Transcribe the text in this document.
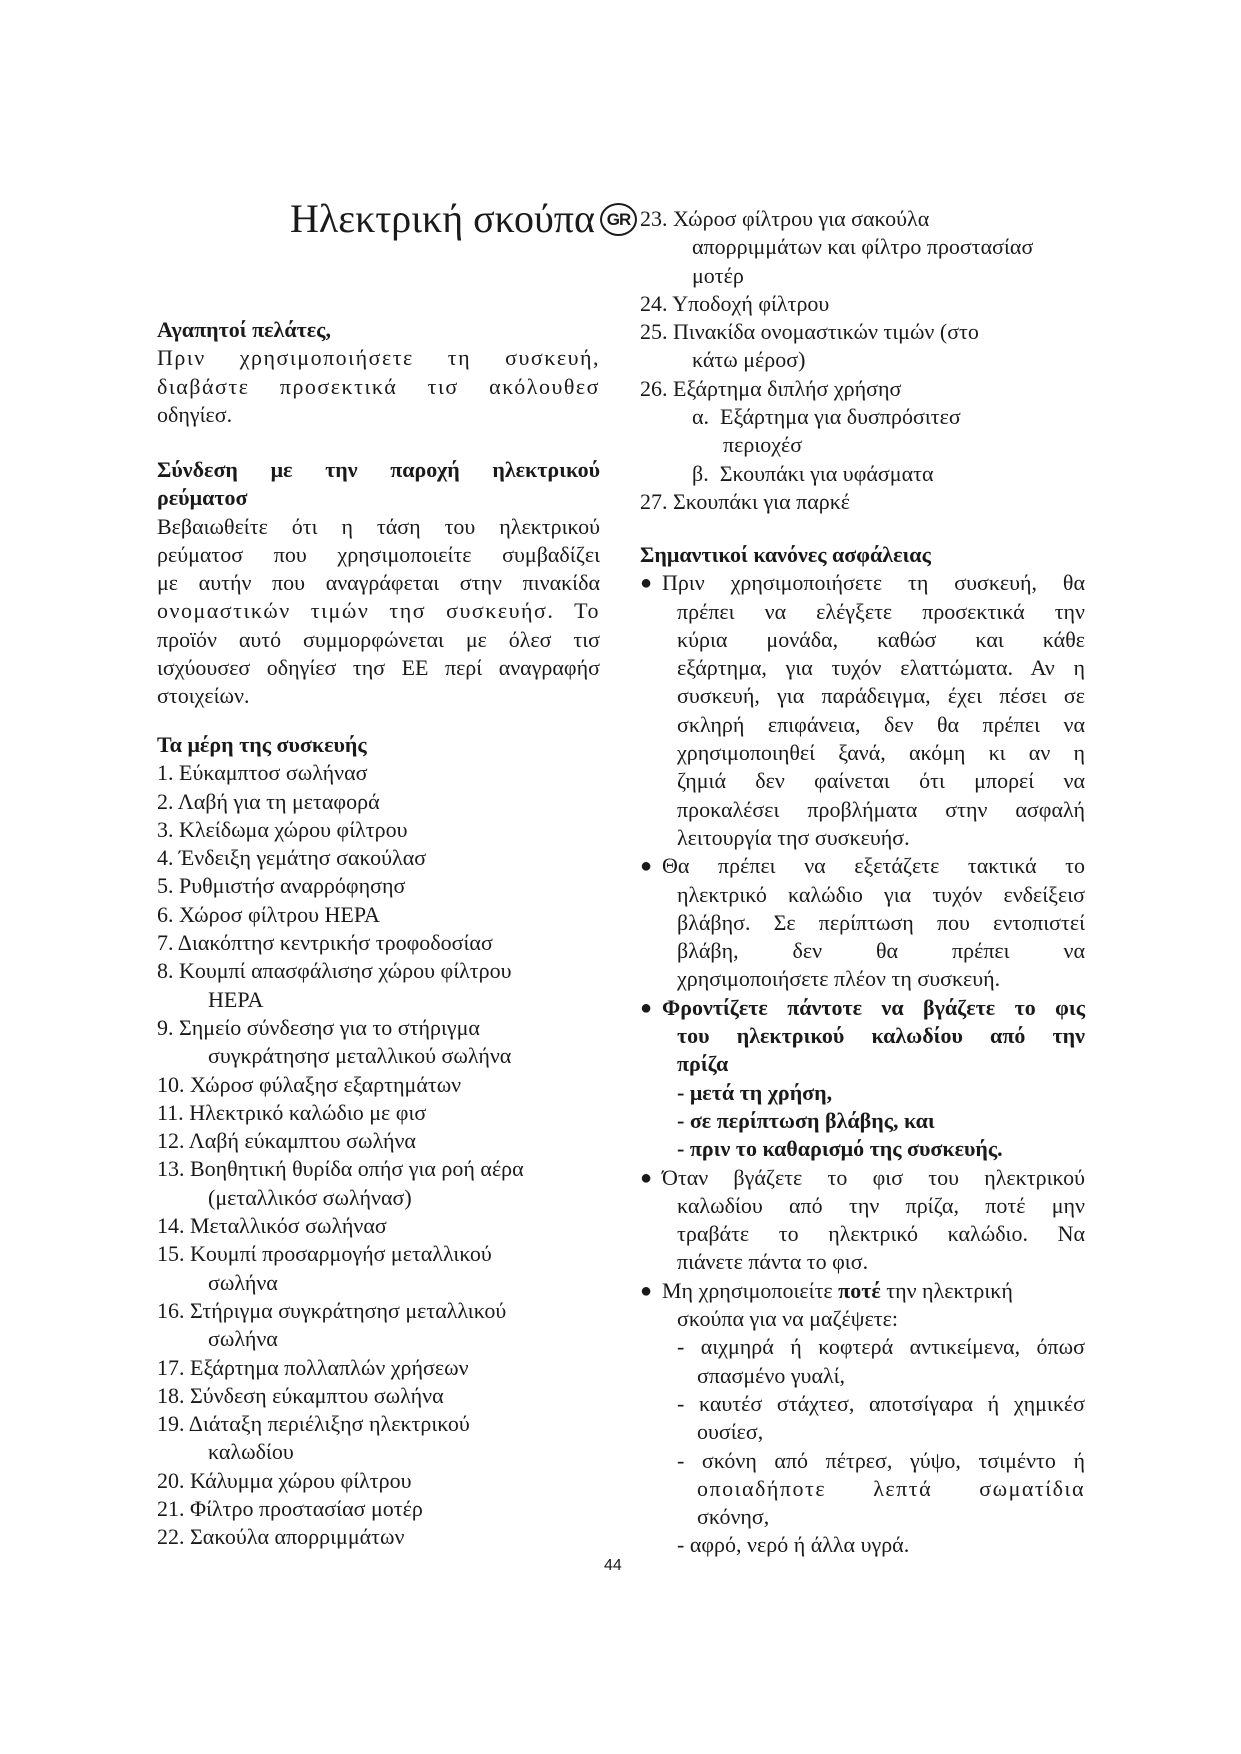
Ηλεκτρική σκούπα GR
Αγαπητοί πελάτες,
Πριν χρησιμοποιήσετε τη συσκευή,
διαβάστε προσεκτικά τισ ακόλουθεσ
οδηγίεσ.
Σύνδεση με την παροχή ηλεκτρικού
ρεύματοσ
Βεβαιωθείτε ότι η τάση του ηλεκτρικού
ρεύματοσ που χρησιμοποιείτε συμβαδίζει
με αυτήν που αναγράφεται στην πινακίδα
ονομαστικών τιμών τησ συσκευήσ. Το
προϊόν αυτό συμμορφώνεται με όλεσ τισ
ισχύουσεσ οδηγίεσ τησ ΕΕ περί αναγραφήσ
στοιχείων.
Τα μέρη της συσκευής
1. Εύκαμπτοσ σωλήνασ
2. Λαβή για τη μεταφορά
3. Κλείδωμα χώρου φίλτρου
4. Ένδειξη γεμάτησ σακούλασ
5. Ρυθμιστήσ αναρρόφησησ
6. Χώροσ φίλτρου HEPA
7. Διακόπτησ κεντρικήσ τροφοδοσίασ
8. Κουμπί απασφάλισησ χώρου φίλτρου
HEPA
9. Σημείο σύνδεσησ για το στήριγμα
συγκράτησησ μεταλλικού σωλήνα
10. Χώροσ φύλαξησ εξαρτημάτων
11. Ηλεκτρικό καλώδιο με φισ
12. Λαβή εύκαμπτου σωλήνα
13. Βοηθητική θυρίδα οπήσ για ροή αέρα
(μεταλλικόσ σωλήνασ)
14. Μεταλλικόσ σωλήνασ
15. Κουμπί προσαρμογήσ μεταλλικού
σωλήνα
16. Στήριγμα συγκράτησησ μεταλλικού
σωλήνα
17. Εξάρτημα πολλαπλών χρήσεων
18. Σύνδεση εύκαμπτου σωλήνα
19. Διάταξη περιέλιξησ ηλεκτρικού
καλωδίου
20. Κάλυμμα χώρου φίλτρου
21. Φίλτρο προστασίασ μοτέρ
22. Σακούλα απορριμμάτων
23. Χώροσ φίλτρου για σακούλα
απορριμμάτων και φίλτρο προστασίασ
μοτέρ
24. Υποδοχή φίλτρου
25. Πινακίδα ονομαστικών τιμών (στο
κάτω μέροσ)
26. Εξάρτημα διπλήσ χρήσησ
α. Εξάρτημα για δυσπρόσιτεσ
περιοχέσ
β. Σκουπάκι για υφάσματα
27. Σκουπάκι για παρκέ
Σημαντικοί κανόνες ασφάλειας
● Πριν χρησιμοποιήσετε τη συσκευή, θα
πρέπει να ελέγξετε προσεκτικά την
κύρια μονάδα, καθώσ και κάθε
εξάρτημα, για τυχόν ελαττώματα. Αν η
συσκευή, για παράδειγμα, έχει πέσει σε
σκληρή επιφάνεια, δεν θα πρέπει να
χρησιμοποιηθεί ξανά, ακόμη κι αν η
ζημιά δεν φαίνεται ότι μπορεί να
προκαλέσει προβλήματα στην ασφαλή
λειτουργία τησ συσκευήσ.
● Θα πρέπει να εξετάζετε τακτικά το
ηλεκτρικό καλώδιο για τυχόν ενδείξεισ
βλάβησ. Σε περίπτωση που εντοπιστεί
βλάβη, δεν θα πρέπει να
χρησιμοποιήσετε πλέον τη συσκευή.
● Φροντίζετε πάντοτε να βγάζετε το φις
του ηλεκτρικού καλωδίου από την
πρίζα
- μετά τη χρήση,
- σε περίπτωση βλάβης, και
- πριν το καθαρισμό της συσκευής.
● Όταν βγάζετε το φισ του ηλεκτρικού
καλωδίου από την πρίζα, ποτέ μην
τραβάτε το ηλεκτρικό καλώδιο. Να
πιάνετε πάντα το φισ.
● Μη χρησιμοποιείτε ποτέ την ηλεκτρική
σκούπα για να μαζέψετε:
- αιχμηρά ή κοφτερά αντικείμενα, όπωσ
σπασμένο γυαλί,
- καυτέσ στάχτεσ, αποτσίγαρα ή χημικέσ
ουσίεσ,
- σκόνη από πέτρεσ, γύψο, τσιμέντο ή
οποιαδήποτε λεπτά σωματίδια
σκόνησ,
- αφρό, νερό ή άλλα υγρά.
44
